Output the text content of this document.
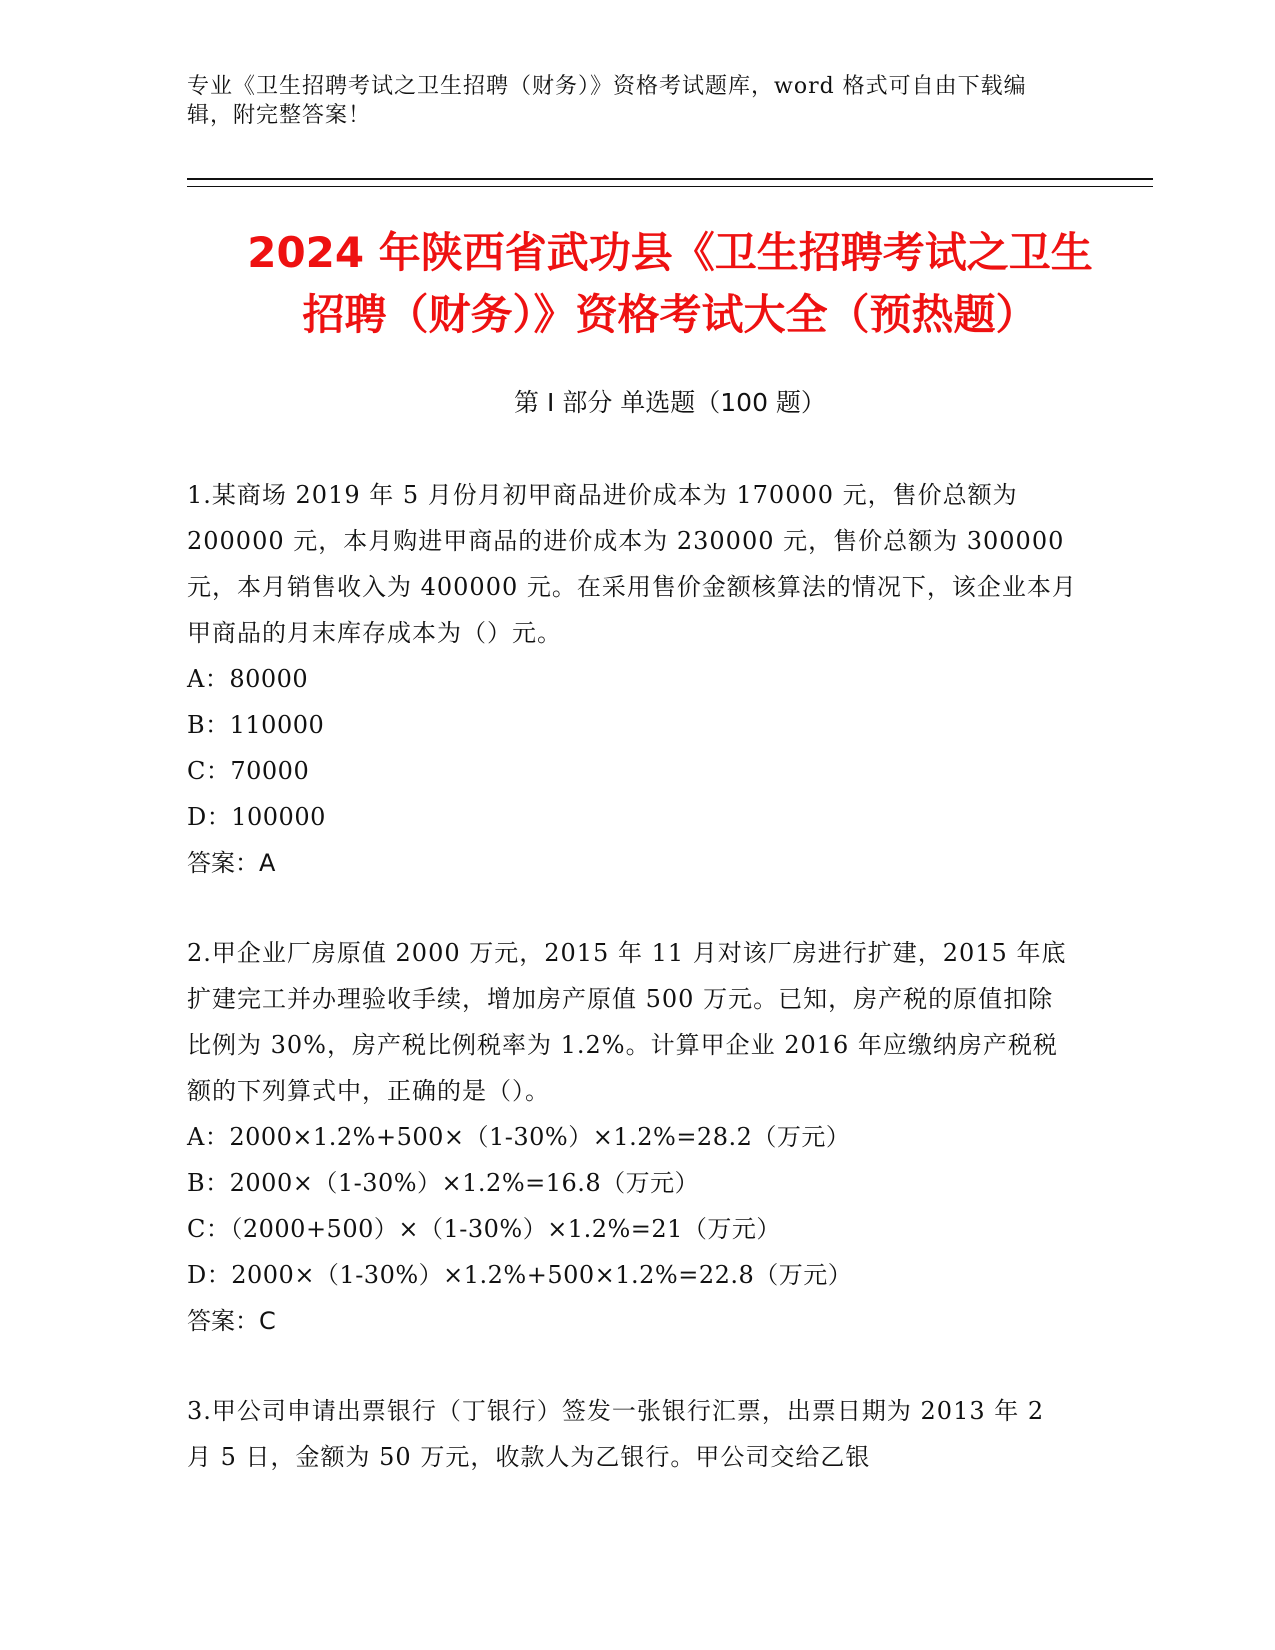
专业《卫生招聘考试之卫生招聘（财务）》资格考试题库，word 格式可自由下载编辑，附完整答案！
2024 年陕西省武功县《卫生招聘考试之卫生
招聘（财务）》资格考试大全（预热题）
第 I 部分 单选题（100 题）
1.某商场 2019 年 5 月份月初甲商品进价成本为 170000 元，售价总额为 200000 元，本月购进甲商品的进价成本为 230000 元，售价总额为 300000 元，本月销售收入为 400000 元。在采用售价金额核算法的情况下，该企业本月甲商品的月末库存成本为（）元。
A：80000
B：110000
C：70000
D：100000
答案：A
2.甲企业厂房原值 2000 万元，2015 年 11 月对该厂房进行扩建，2015 年底扩建完工并办理验收手续，增加房产原值 500 万元。已知，房产税的原值扣除比例为 30%，房产税比例税率为 1.2%。计算甲企业 2016 年应缴纳房产税税额的下列算式中，正确的是（）。
A：2000×1.2%+500×（1-30%）×1.2%=28.2（万元）
B：2000×（1-30%）×1.2%=16.8（万元）
C：（2000+500）×（1-30%）×1.2%=21（万元）
D：2000×（1-30%）×1.2%+500×1.2%=22.8（万元）
答案：C
3.甲公司申请出票银行（丁银行）签发一张银行汇票，出票日期为 2013 年 2 月 5 日，金额为 50 万元，收款人为乙银行。甲公司交给乙银
